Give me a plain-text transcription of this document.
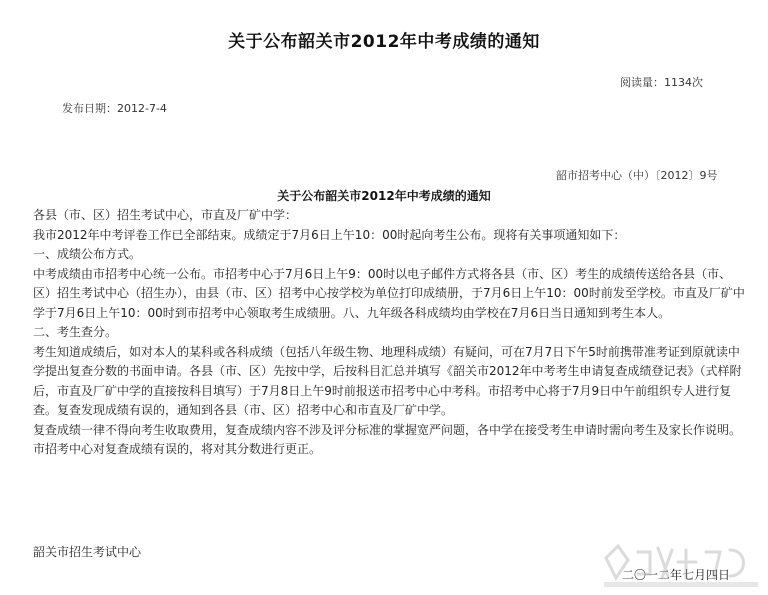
关于公布韶关市2012年中考成绩的通知
阅读量：1134次
发布日期：2012-7-4
韶市招考中心（中）〔2012〕9号
关于公布韶关市2012年中考成绩的通知

各县（市、区）招生考试中心，市直及厂矿中学：

我市2012年中考评卷工作已全部结束。成绩定于7月6日上午10：00时起向考生公布。现将有关事项通知如下：

一、成绩公布方式。

中考成绩由市招考中心统一公布。市招考中心于7月6日上午9：00时以电子邮件方式将各县（市、区）考生的成绩传送给各县（市、区）招生考试中心（招生办），由县（市、区）招考中心按学校为单位打印成绩册，于7月6日上午10：00时前发至学校。市直及厂矿中学于7月6日上午10：00时到市招考中心领取考生成绩册。八、九年级各科成绩均由学校在7月6日当日通知到考生本人。

二、考生查分。

考生知道成绩后，如对本人的某科或各科成绩（包括八年级生物、地理科成绩）有疑问，可在7月7日下午5时前携带准考证到原就读中学提出复查分数的书面申请。各县（市、区）先按中学，后按科目汇总并填写《韶关市2012年中考考生申请复查成绩登记表》（式样附后，市直及厂矿中学的直接按科目填写）于7月8日上午9时前报送市招考中心中考科。市招考中心将于7月9日中午前组织专人进行复查。复查发现成绩有误的，通知到各县（市、区）招考中心和市直及厂矿中学。

复查成绩一律不得向考生收取费用，复查成绩内容不涉及评分标准的掌握宽严问题，各中学在接受考生申请时需向考生及家长作说明。市招考中心对复查成绩有误的，将对其分数进行更正。

韶关市招生考试中心
二〇一二年七月四日
